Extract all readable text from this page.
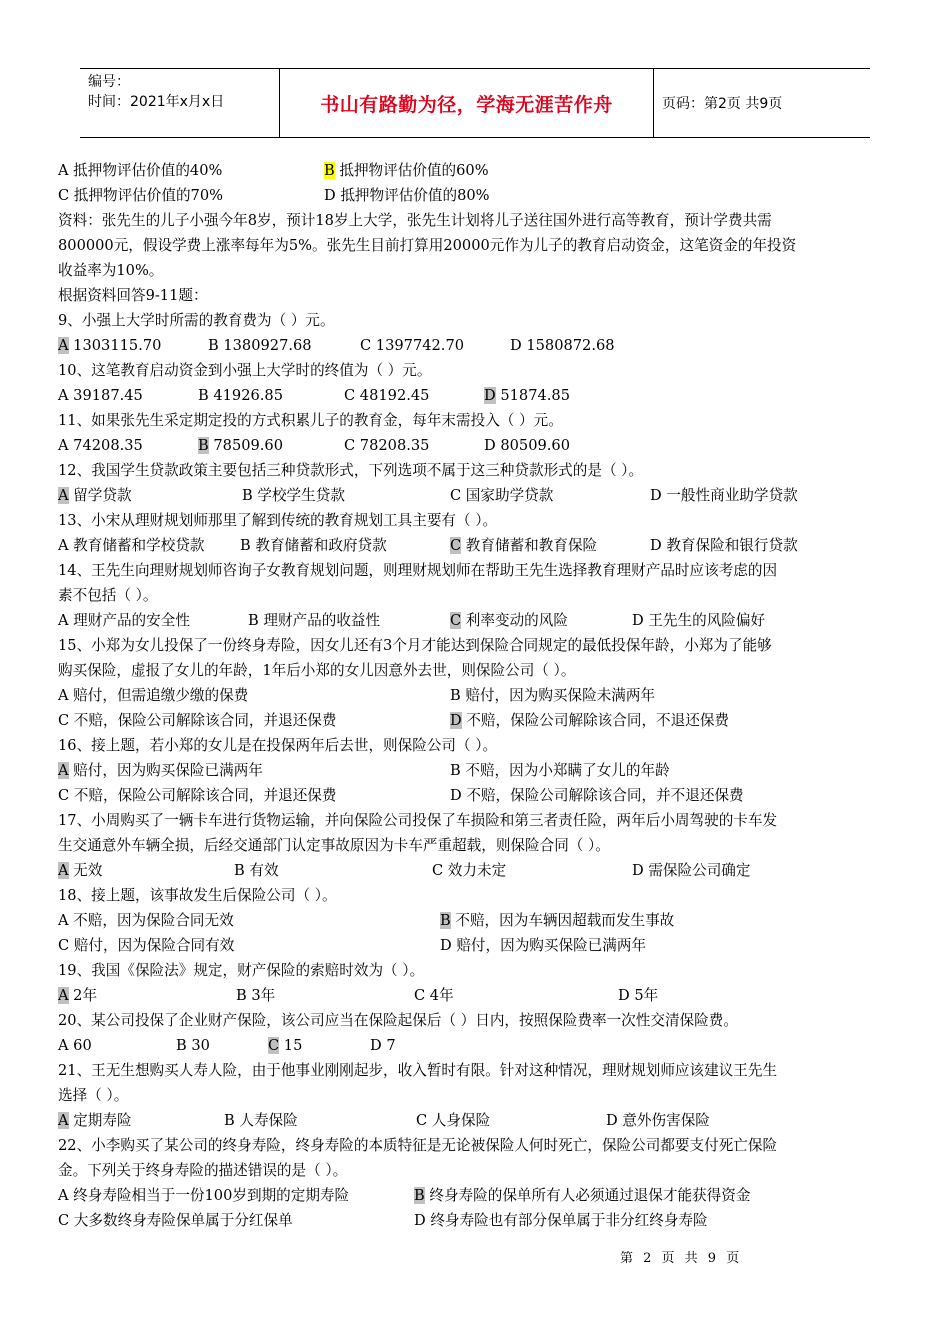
编号：
时间：2021年x月x日	书山有路勤为径，学海无涯苦作舟	页码：第2页 共9页
A 抵押物评估价值的40%	B 抵押物评估价值的60%
C 抵押物评估价值的70%	D 抵押物评估价值的80%
资料：张先生的儿子小强今年8岁，预计18岁上大学，张先生计划将儿子送往国外进行高等教育，预计学费共需
800000元，假设学费上涨率每年为5%。张先生目前打算用20000元作为儿子的教育启动资金，这笔资金的年投资
收益率为10%。
根据资料回答9-11题：
9、小强上大学时所需的教育费为（ ）元。
A 1303115.70	B 1380927.68	C 1397742.70	D 1580872.68
10、这笔教育启动资金到小强上大学时的终值为（ ）元。
A 39187.45	B 41926.85	C 48192.45	D 51874.85
11、如果张先生采定期定投的方式积累儿子的教育金，每年末需投入（ ）元。
A 74208.35	B 78509.60	C 78208.35	D 80509.60
12、我国学生贷款政策主要包括三种贷款形式，下列选项不属于这三种贷款形式的是（ ）。
A 留学贷款	B 学校学生贷款	C 国家助学贷款	D 一般性商业助学贷款
13、小宋从理财规划师那里了解到传统的教育规划工具主要有（ ）。
A 教育储蓄和学校贷款 B 教育储蓄和政府贷款	C 教育储蓄和教育保险	D 教育保险和银行贷款
14、王先生向理财规划师咨询子女教育规划问题，则理财规划师在帮助王先生选择教育理财产品时应该考虑的因
素不包括（ ）。
A 理财产品的安全性	B 理财产品的收益性	C 利率变动的风险	D 王先生的风险偏好
15、小郑为女儿投保了一份终身寿险，因女儿还有3个月才能达到保险合同规定的最低投保年龄，小郑为了能够
购买保险，虚报了女儿的年龄，1年后小郑的女儿因意外去世，则保险公司（ ）。
A 赔付，但需追缴少缴的保费	B 赔付，因为购买保险未满两年
C 不赔，保险公司解除该合同，并退还保费	D 不赔，保险公司解除该合同，不退还保费
16、接上题，若小郑的女儿是在投保两年后去世，则保险公司（ ）。
A 赔付，因为购买保险已满两年	B 不赔，因为小郑瞒了女儿的年龄
C 不赔，保险公司解除该合同，并退还保费	D 不赔，保险公司解除该合同，并不退还保费
17、小周购买了一辆卡车进行货物运输，并向保险公司投保了车损险和第三者责任险，两年后小周驾驶的卡车发
生交通意外车辆全损，后经交通部门认定事故原因为卡车严重超载，则保险合同（ ）。
A 无效	B 有效	C 效力未定	D 需保险公司确定
18、接上题，该事故发生后保险公司（ ）。
A 不赔，因为保险合同无效	B 不赔，因为车辆因超载而发生事故
C 赔付，因为保险合同有效	D 赔付，因为购买保险已满两年
19、我国《保险法》规定，财产保险的索赔时效为（ ）。
A 2年	B 3年	C 4年	D 5年
20、某公司投保了企业财产保险，该公司应当在保险起保后（ ）日内，按照保险费率一次性交清保险费。
A 60	B 30	C 15	D 7
21、王无生想购买人寿人险，由于他事业刚刚起步，收入暂时有限。针对这种情况，理财规划师应该建议王先生
选择（ ）。
A 定期寿险	B 人寿保险	C 人身保险	D 意外伤害保险
22、小李购买了某公司的终身寿险，终身寿险的本质特征是无论被保险人何时死亡，保险公司都要支付死亡保险
金。下列关于终身寿险的描述错误的是（ ）。
A 终身寿险相当于一份100岁到期的定期寿险	B 终身寿险的保单所有人必须通过退保才能获得资金
C 大多数终身寿险保单属于分红保单	D 终身寿险也有部分保单属于非分红终身寿险
第 2 页 共 9 页
